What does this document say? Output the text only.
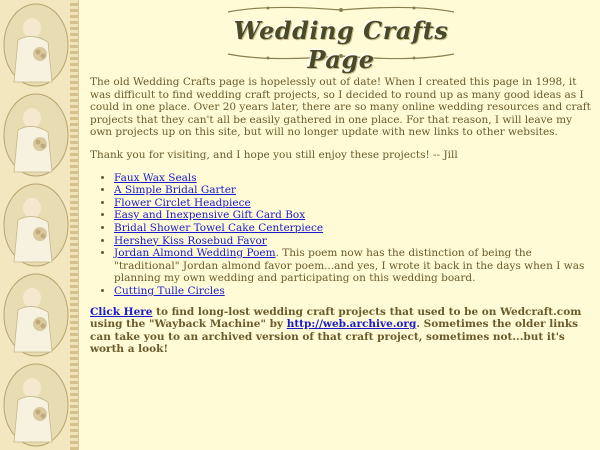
Wedding Crafts Page

The old Wedding Crafts page is hopelessly out of date! When I created this page in 1998, it was difficult to find wedding craft projects, so I decided to round up as many good ideas as I could in one place. Over 20 years later, there are so many online wedding resources and craft projects that they can't all be easily gathered in one place. For that reason, I will leave my own projects up on this site, but will no longer update with new links to other websites.

Thank you for visiting, and I hope you still enjoy these projects! -- Jill

• Faux Wax Seals
• A Simple Bridal Garter
• Flower Circlet Headpiece
• Easy and Inexpensive Gift Card Box
• Bridal Shower Towel Cake Centerpiece
• Hershey Kiss Rosebud Favor
• Jordan Almond Wedding Poem. This poem now has the distinction of being the "traditional" Jordan almond favor poem...and yes, I wrote it back in the days when I was planning my own wedding and participating on this wedding board.
• Cutting Tulle Circles

Click Here to find long-lost wedding craft projects that used to be on Wedcraft.com using the "Wayback Machine" by http://web.archive.org. Sometimes the older links can take you to an archived version of that craft project, sometimes not...but it's worth a look!
